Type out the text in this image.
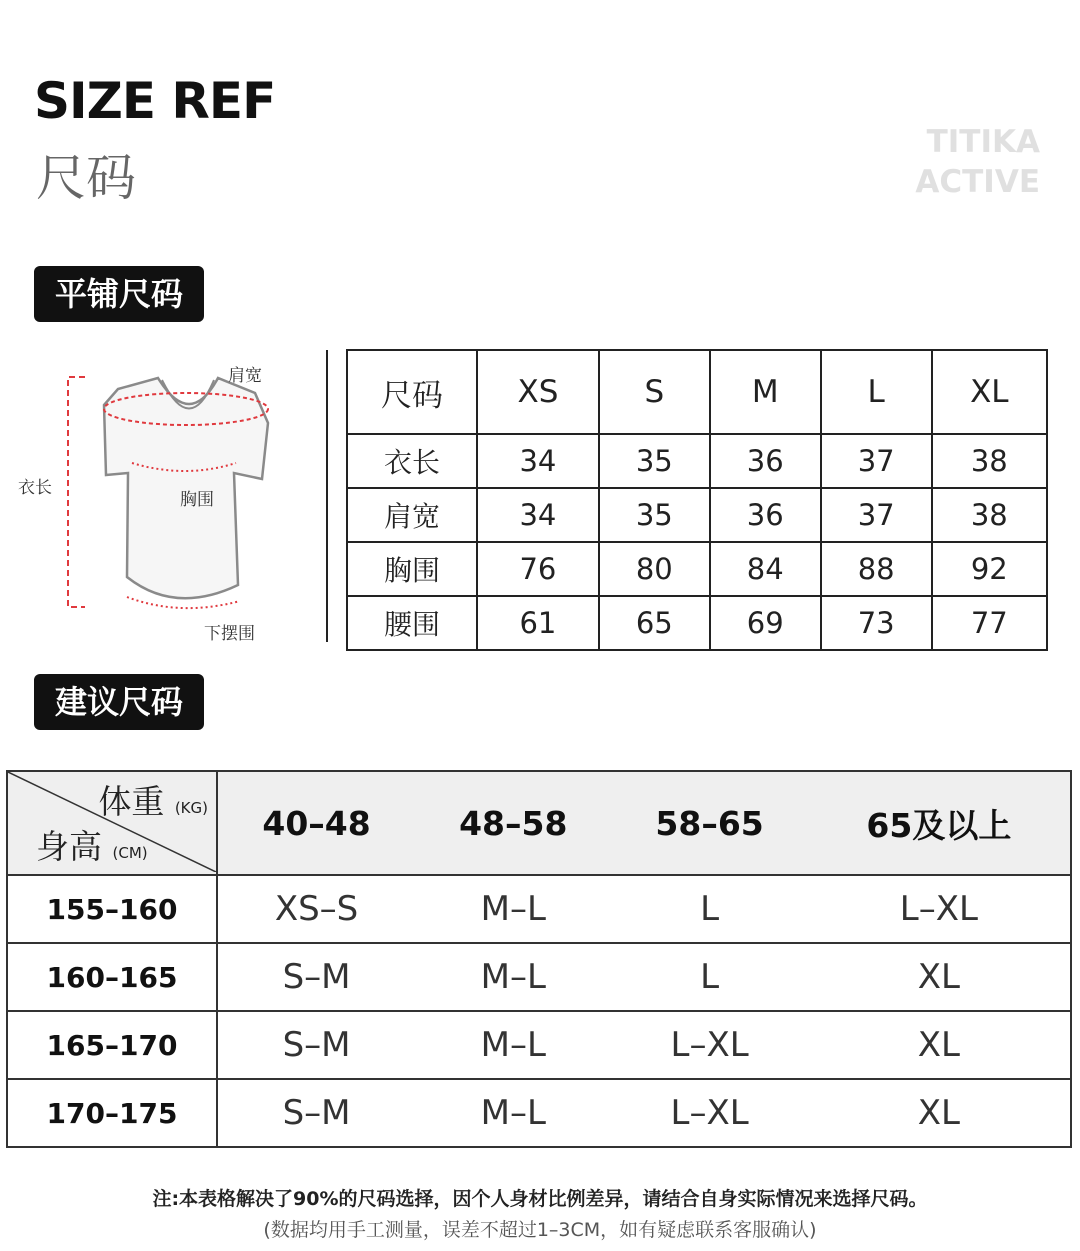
SIZE REF
尺码
TITIKA
ACTIVE
平铺尺码
肩宽
衣长
胸围
下摆围
尺码	XS	S	M	L	XL
衣长	34	35	36	37	38
肩宽	34	35	36	37	38
胸围	76	80	84	88	92
腰围	61	65	69	73	77
建议尺码
体重 (KG)
身高 (CM)	40–48	48–58	58–65	65及以上
155–160	XS–S	M–L	L	L–XL
160–165	S–M	M–L	L	XL
165–170	S–M	M–L	L–XL	XL
170–175	S–M	M–L	L–XL	XL
注:本表格解决了90%的尺码选择，因个人身材比例差异，请结合自身实际情况来选择尺码。
(数据均用手工测量，误差不超过1–3CM，如有疑虑联系客服确认)
